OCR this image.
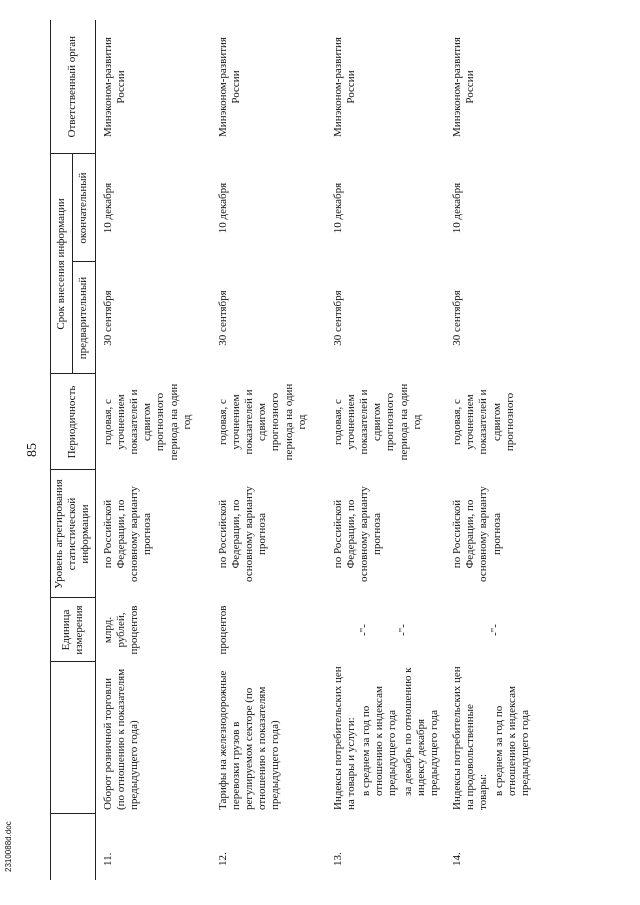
85
		Единица измерения	Уровень агрегирования статистической информации	Периодичность	Срок внесения информации		Ответственный орган
					предварительный	окончательный	
11.	Оборот розничной торговли (по отношению к показателям предыдущего года)	млрд. рублей, процентов	по Российской Федерации, по основному варианту прогноза	годовая, с уточнением показателей и сдвигом прогнозного периода на один год	30 сентября	10 декабря	Минэконом-развития России
12.	Тарифы на железнодорожные перевозки грузов в регулируемом секторе (по отношению к показателям предыдущего года)	процентов	по Российской Федерации, по основному варианту прогноза	годовая, с уточнением показателей и сдвигом прогнозного периода на один год	30 сентября	10 декабря	Минэконом-развития России
13.	Индексы потребительских цен на товары и услуги: в среднем за год по отношению к индексам предыдущего года за декабрь по отношению к индексу декабря предыдущего года	-"- -"-	по Российской Федерации, по основному варианту прогноза	годовая, с уточнением показателей и сдвигом прогнозного периода на один год	30 сентября	10 декабря	Минэконом-развития России
14.	Индексы потребительских цен на продовольственные товары: в среднем за год по отношению к индексам предыдущего года	-"-	по Российской Федерации, по основному варианту прогноза	годовая, с уточнением показателей и сдвигом прогнозного	30 сентября	10 декабря	Минэконом-развития России
2310088d.doc
